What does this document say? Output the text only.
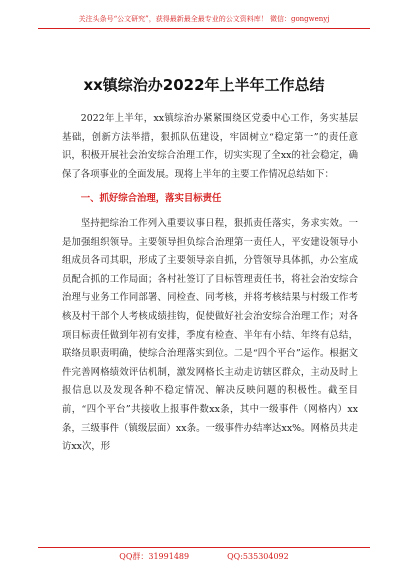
关注头条号“公文研究”，获得最新最全最专业的公文资料库！ 微信：gongwenyj
xx镇综治办2022年上半年工作总结

2022年上半年，xx镇综治办紧紧围绕区党委中心工作，务实基层基础，创新方法举措，狠抓队伍建设，牢固树立“稳定第一”的责任意识，积极开展社会治安综合治理工作，切实实现了全xx的社会稳定，确保了各项事业的全面发展。现将上半年的主要工作情况总结如下：

一、抓好综合治理，落实目标责任

坚持把综治工作列入重要议事日程，狠抓责任落实，务求实效。一是加强组织领导。主要领导担负综合治理第一责任人，平安建设领导小组成员各司其职，形成了主要领导亲自抓，分管领导具体抓，办公室成员配合抓的工作局面；各村社签订了目标管理责任书，将社会治安综合治理与业务工作同部署、同检查、同考核，并将考核结果与村级工作考核及村干部个人考核成绩挂钩，促使做好社会治安综合治理工作；对各项目标责任做到年初有安排，季度有检查、半年有小结、年终有总结，联络员职责明确，使综合治理落实到位。二是“四个平台”运作。根据文件完善网格绩效评估机制，激发网格长主动走访辖区群众，主动及时上报信息以及发现各种不稳定情况、解决反映问题的积极性。截至目前，“四个平台”共接收上报事件数xx条，其中一级事件（网格内）xx条，三级事件（镇级层面）xx条。一级事件办结率达xx%。网格员共走访xx次，形

QQ群：31991489	QQ:535304092
